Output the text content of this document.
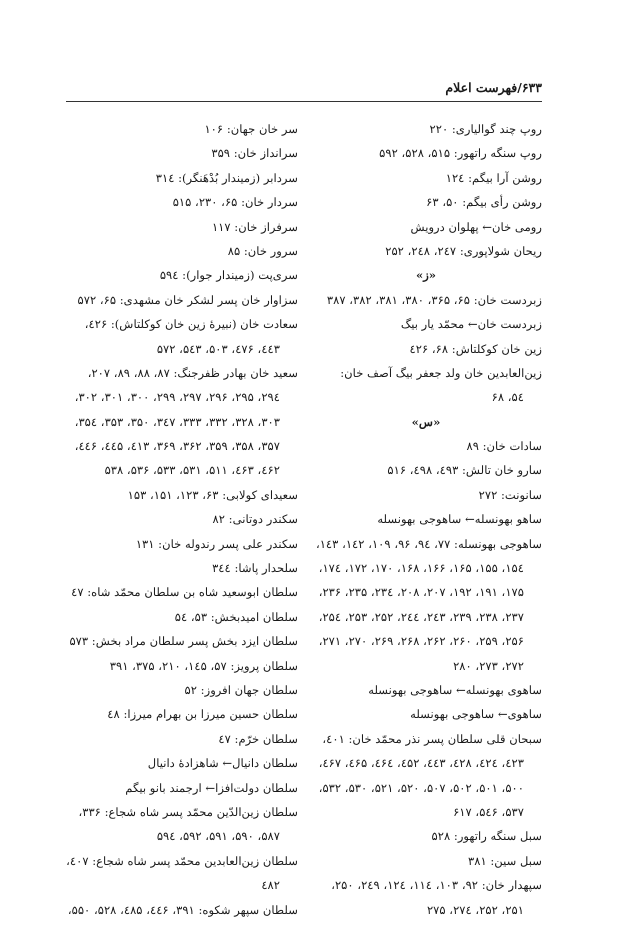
۶۳۳/فهرست اعلام
روپ چند گوالیاری: ۲۲۰
روپ سنگه راتهور: ۵۱۵، ۵۲۸، ۵۹۲
روشن آرا بیگم: ۱۲٤
روشن رأی بیگم: ۵۰، ۶۳
رومی خان← پهلوان درویش
ریحان شولاپوری: ۲٤۷، ۲٤۸، ۲۵۲
«ز»
زبردست خان: ۶۵، ۳۶۵، ۳۸۰، ۳۸۱، ۳۸۲، ۳۸۷
زبردست خان← محمّد یار بیگ
زین خان کوکلتاش: ۶۸، ٤۲۶
زین‌العابدین خان ولد جعفر بیگ آصف خان:
۵٤، ۶۸
«س»
سادات خان: ۸۹
سارو خان تالش: ٤۹۳، ٤۹۸، ۵۱۶
سانونت: ۲۷۲
ساهو بهونسله← ساهوجی بهونسله
ساهوجی بهونسله: ۷۷، ۹٤، ۹۶، ۱۰۹، ۱٤۲، ۱٤۳،
۱۵٤، ۱۵۵، ۱۶۵، ۱۶۶، ۱۶۸، ۱۷۰، ۱۷۲، ۱۷٤،
۱۷۵، ۱۹۱، ۱۹۲، ۲۰۷، ۲۰۸، ۲۳٤، ۲۳۵، ۲۳۶،
۲۳۷، ۲۳۸، ۲۳۹، ۲٤۳، ۲٤٤، ۲۵۲، ۲۵۳، ۲۵٤،
۲۵۶، ۲۵۹، ۲۶۰، ۲۶۲، ۲۶۸، ۲۶۹، ۲۷۰، ۲۷۱،
۲۷۲، ۲۷۳، ۲۸۰
ساهوی بهونسله← ساهوجی بهونسله
ساهوی← ساهوجی بهونسله
سبحان قلی سلطان پسر نذر محمّد خان: ٤۰۱،
٤۲۳، ٤۲٤، ٤۲۸، ٤٤۳، ٤۵۲، ٤۶٤، ٤۶۵، ٤۶۷،
۵۰۰، ۵۰۱، ۵۰۲، ۵۰۷، ۵۲۰، ۵۲۱، ۵۳۰، ۵۳۲،
۵۳۷، ۵٤۶، ۶۱۷
سبل سنگه راتهور: ۵۲۸
سبل سین: ۳۸۱
سپهدار خان: ۹۲، ۱۰۳، ۱۱٤، ۱۲٤، ۲٤۹، ۲۵۰،
۲۵۱، ۲۵۲، ۲۷٤، ۲۷۵
سر خان جهان: ۱۰۶
سرانداز خان: ۳۵۹
سردابر (زمیندار بُدْهَنگر): ۳۱٤
سردار خان: ۶۵، ۲۳۰، ۵۱۵
سرفراز خان: ۱۱۷
سرور خان: ۸۵
سری‌پت (زمیندار جوار): ۵۹٤
سزاوار خان پسر لشکر خان مشهدی: ۶۵، ۵۷۲
سعادت خان (نبیرهٔ زین خان کوکلتاش): ٤۲۶،
٤٤۳، ٤۷۶، ۵۰۳، ۵٤۳، ۵۷۲
سعید خان بهادر ظفرجنگ: ۸۷، ۸۸، ۸۹، ۲۰۷،
۲۹٤، ۲۹۵، ۲۹۶، ۲۹۷، ۲۹۹، ۳۰۰، ۳۰۱، ۳۰۲،
۳۰۳، ۳۲۸، ۳۳۲، ۳۳۳، ۳٤۷، ۳۵۰، ۳۵۳، ۳۵٤،
۳۵۷، ۳۵۸، ۳۵۹، ۳۶۲، ۳۶۹، ٤۱۳، ٤٤۵، ٤٤۶،
٤۶۲، ٤۶۳، ۵۱۱، ۵۳۱، ۵۳۳، ۵۳۶، ۵۳۸
سعیدای کولابی: ۶۳، ۱۲۳، ۱۵۱، ۱۵۳
سکندر دوتانی: ۸۲
سکندر علی پسر رندوله خان: ۱۳۱
سلحدار پاشا: ۳٤٤
سلطان ابوسعید شاه بن سلطان محمّد شاه: ٤۷
سلطان امیدبخش: ۵۳، ۵٤
سلطان ایزد بخش پسر سلطان مراد بخش: ۵۷۳
سلطان پرویز: ۵۷، ۱٤۵، ۲۱۰، ۳۷۵، ۳۹۱
سلطان جهان افروز: ۵۲
سلطان حسین میرزا بن بهرام میرزا: ٤۸
سلطان خرّم: ٤۷
سلطان دانیال← شاهزادهٔ دانیال
سلطان دولت‌افزا← ارجمند بانو بیگم
سلطان زین‌الدّین محمّد پسر شاه شجاع: ۳۳۶،
۵۸۷، ۵۹۰، ۵۹۱، ۵۹۲، ۵۹٤
سلطان زین‌العابدین محمّد پسر شاه شجاع: ٤۰۷،
٤۸۲
سلطان سپهر شکوه: ۳۹۱، ٤٤۶، ٤۸۵، ۵۲۸، ۵۵۰،
